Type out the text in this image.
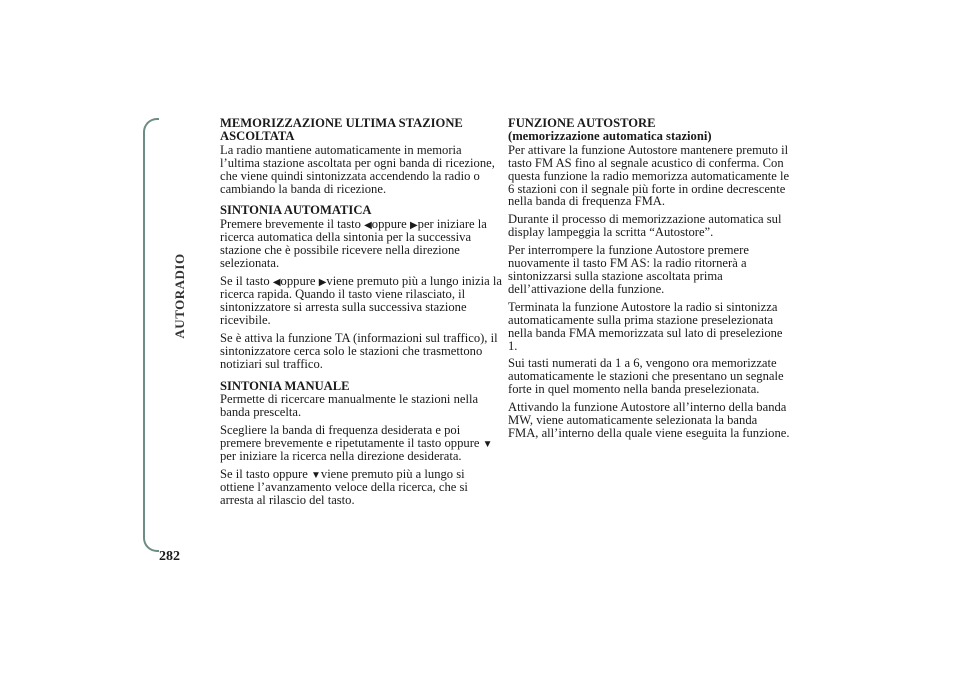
AUTORADIO
282
MEMORIZZAZIONE ULTIMA STAZIONE ASCOLTATA

La radio mantiene automaticamente in memoria l’ultima stazione ascoltata per ogni banda di ricezione, che viene quindi sintonizzata accendendo la radio o cambiando la banda di ricezione.

SINTONIA AUTOMATICA

Premere brevemente il tasto ◀oppure ▶per iniziare la ricerca automatica della sintonia per la successiva stazione che è possibile ricevere nella direzione selezionata.

Se il tasto ◀oppure ▶viene premuto più a lungo inizia la ricerca rapida. Quando il tasto viene rilasciato, il sintonizzatore si arresta sulla successiva stazione ricevibile.

Se è attiva la funzione TA (informazioni sul traffico), il sintonizzatore cerca solo le stazioni che trasmettono notiziari sul traffico.

SINTONIA MANUALE

Permette di ricercare manualmente le stazioni nella banda prescelta.

Scegliere la banda di frequenza desiderata e poi premere brevemente e ripetutamente il tasto oppure ▼per iniziare la ricerca nella direzione desiderata.

Se il tasto oppure ▼viene premuto più a lungo si ottiene l’avanzamento veloce della ricerca, che si arresta al rilascio del tasto.

FUNZIONE AUTOSTORE
(memorizzazione automatica stazioni)

Per attivare la funzione Autostore mantenere premuto il tasto FM AS fino al segnale acustico di conferma. Con questa funzione la radio memorizza automaticamente le 6 stazioni con il segnale più forte in ordine decrescente nella banda di frequenza FMA.

Durante il processo di memorizzazione automatica sul display lampeggia la scritta “Autostore”.

Per interrompere la funzione Autostore premere nuovamente il tasto FM AS: la radio ritornerà a sintonizzarsi sulla stazione ascoltata prima dell’attivazione della funzione.

Terminata la funzione Autostore la radio si sintonizza automaticamente sulla prima stazione preselezionata nella banda FMA memorizzata sul lato di preselezione 1.

Sui tasti numerati da 1 a 6, vengono ora memorizzate automaticamente le stazioni che presentano un segnale forte in quel momento nella banda preselezionata.

Attivando la funzione Autostore all’interno della banda MW, viene automaticamente selezionata la banda FMA, all’interno della quale viene eseguita la funzione.
